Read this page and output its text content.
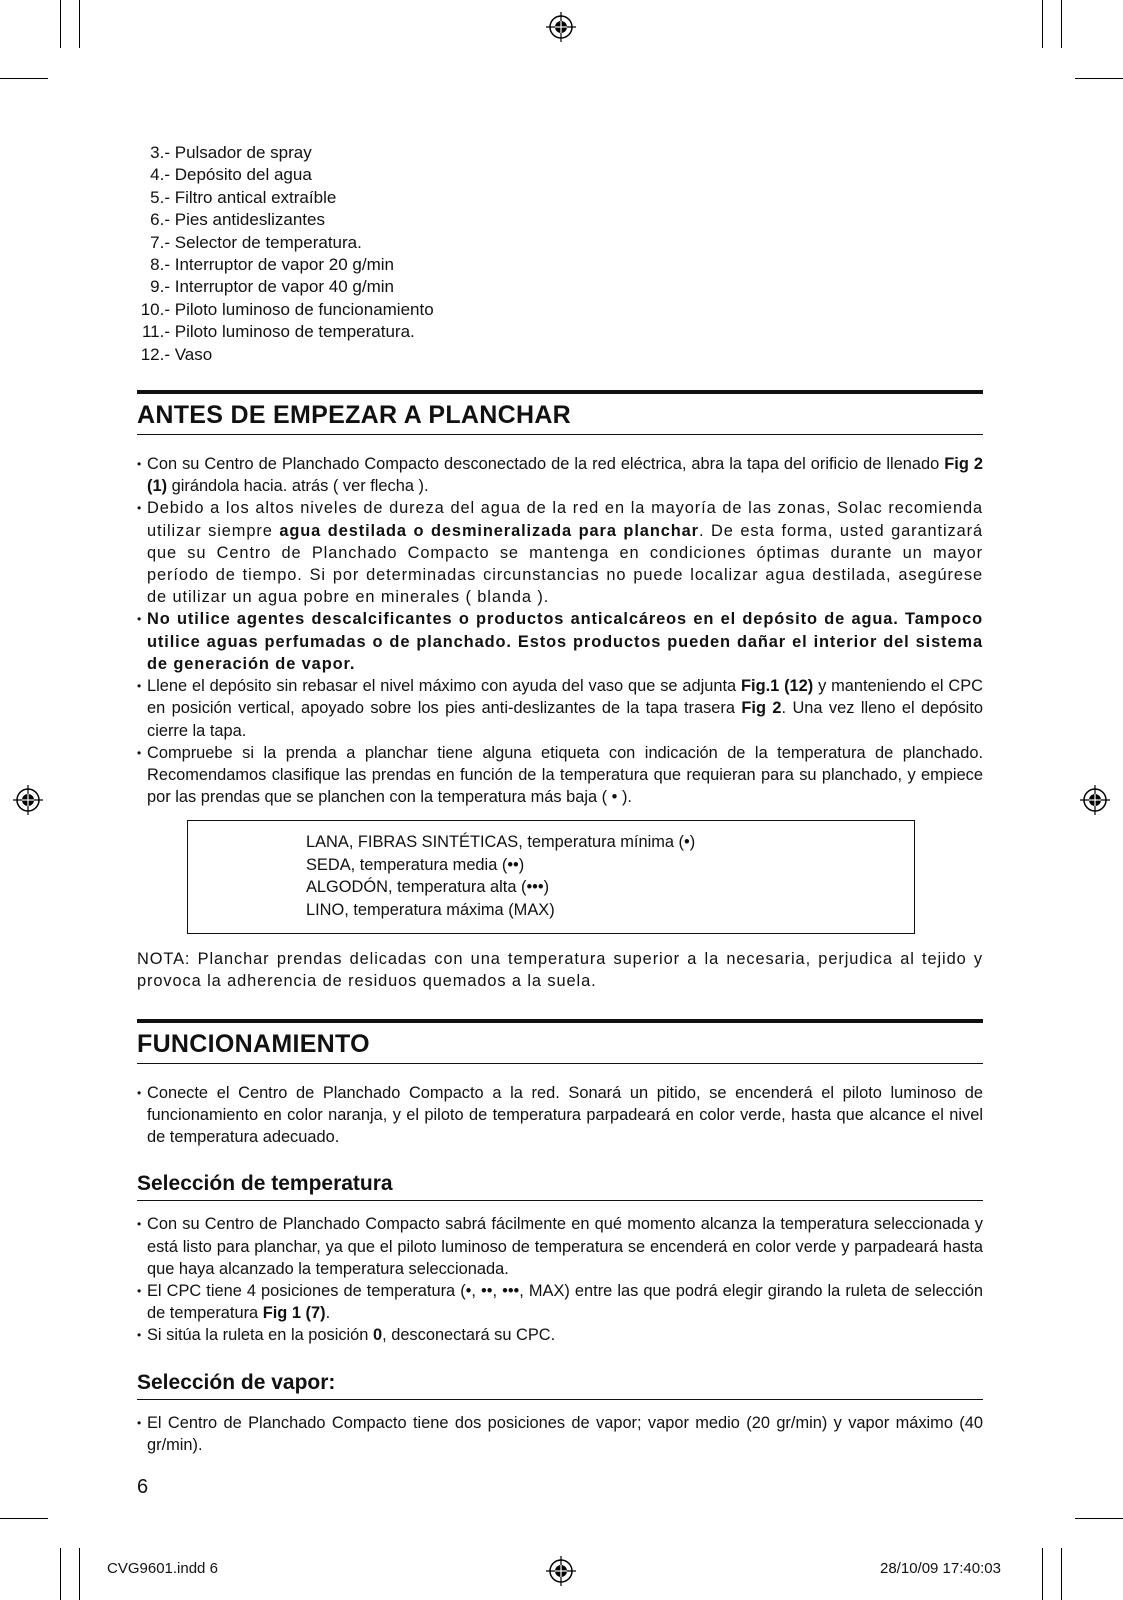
3.-
Pulsador de spray
4.-
Depósito del agua
5.-
Filtro antical extraíble
6.-
Pies antideslizantes
7.-
Selector de temperatura.
8.-
Interruptor de vapor 20 g/min
9.-
Interruptor de vapor 40 g/min
10.-
Piloto luminoso de funcionamiento
11.-
Piloto luminoso de temperatura.
12.-
Vaso
ANTES DE EMPEZAR A PLANCHAR
• Con su Centro de Planchado Compacto desconectado de la red eléctrica, abra la tapa del orificio de llenado Fig 2 (1) girándola hacia. atrás ( ver flecha ).
• Debido a los altos niveles de dureza del agua de la red en la mayoría de las zonas, Solac recomienda utilizar siempre agua destilada o desmineralizada para planchar. De esta forma, usted garantizará que su Centro de Planchado Compacto se mantenga en condiciones óptimas durante un mayor período de tiempo. Si por determinadas circunstancias no puede localizar agua destilada, asegúrese de utilizar un agua pobre en minerales ( blanda ).
• No utilice agentes descalcificantes o productos anticalcáreos en el depósito de agua. Tampoco utilice aguas perfumadas o de planchado. Estos productos pueden dañar el interior del sistema de generación de vapor.
• Llene el depósito sin rebasar el nivel máximo con ayuda del vaso que se adjunta Fig.1 (12) y manteniendo el CPC en posición vertical, apoyado sobre los pies anti-deslizantes de la tapa trasera Fig 2. Una vez lleno el depósito cierre la tapa.
• Compruebe si la prenda a planchar tiene alguna etiqueta con indicación de la temperatura de planchado. Recomendamos clasifique las prendas en función de la temperatura que requieran para su planchado, y empiece por las prendas que se planchen con la temperatura más baja ( • ).
LANA, FIBRAS SINTÉTICAS, temperatura mínima (•)
SEDA, temperatura media (••)
ALGODÓN, temperatura alta (•••)
LINO, temperatura máxima (MAX)
NOTA: Planchar prendas delicadas con una temperatura superior a la necesaria, perjudica al tejido y provoca la adherencia de residuos quemados a la suela.
FUNCIONAMIENTO
• Conecte el Centro de Planchado Compacto a la red. Sonará un pitido, se encenderá el piloto luminoso de funcionamiento en color naranja, y el piloto de temperatura parpadeará en color verde, hasta que alcance el nivel de temperatura adecuado.
Selección de temperatura
• Con su Centro de Planchado Compacto sabrá fácilmente en qué momento alcanza la temperatura seleccionada y está listo para planchar, ya que el piloto luminoso de temperatura se encenderá en color verde y parpadeará hasta que haya alcanzado la temperatura seleccionada.
• El CPC tiene 4 posiciones de temperatura (•, ••, •••, MAX) entre las que podrá elegir girando la ruleta de selección de temperatura Fig 1 (7).
• Si sitúa la ruleta en la posición 0, desconectará su CPC.
Selección de vapor:
• El Centro de Planchado Compacto tiene dos posiciones de vapor; vapor medio (20 gr/min) y vapor máximo (40 gr/min).
6
CVG9601.indd 6	28/10/09 17:40:03
